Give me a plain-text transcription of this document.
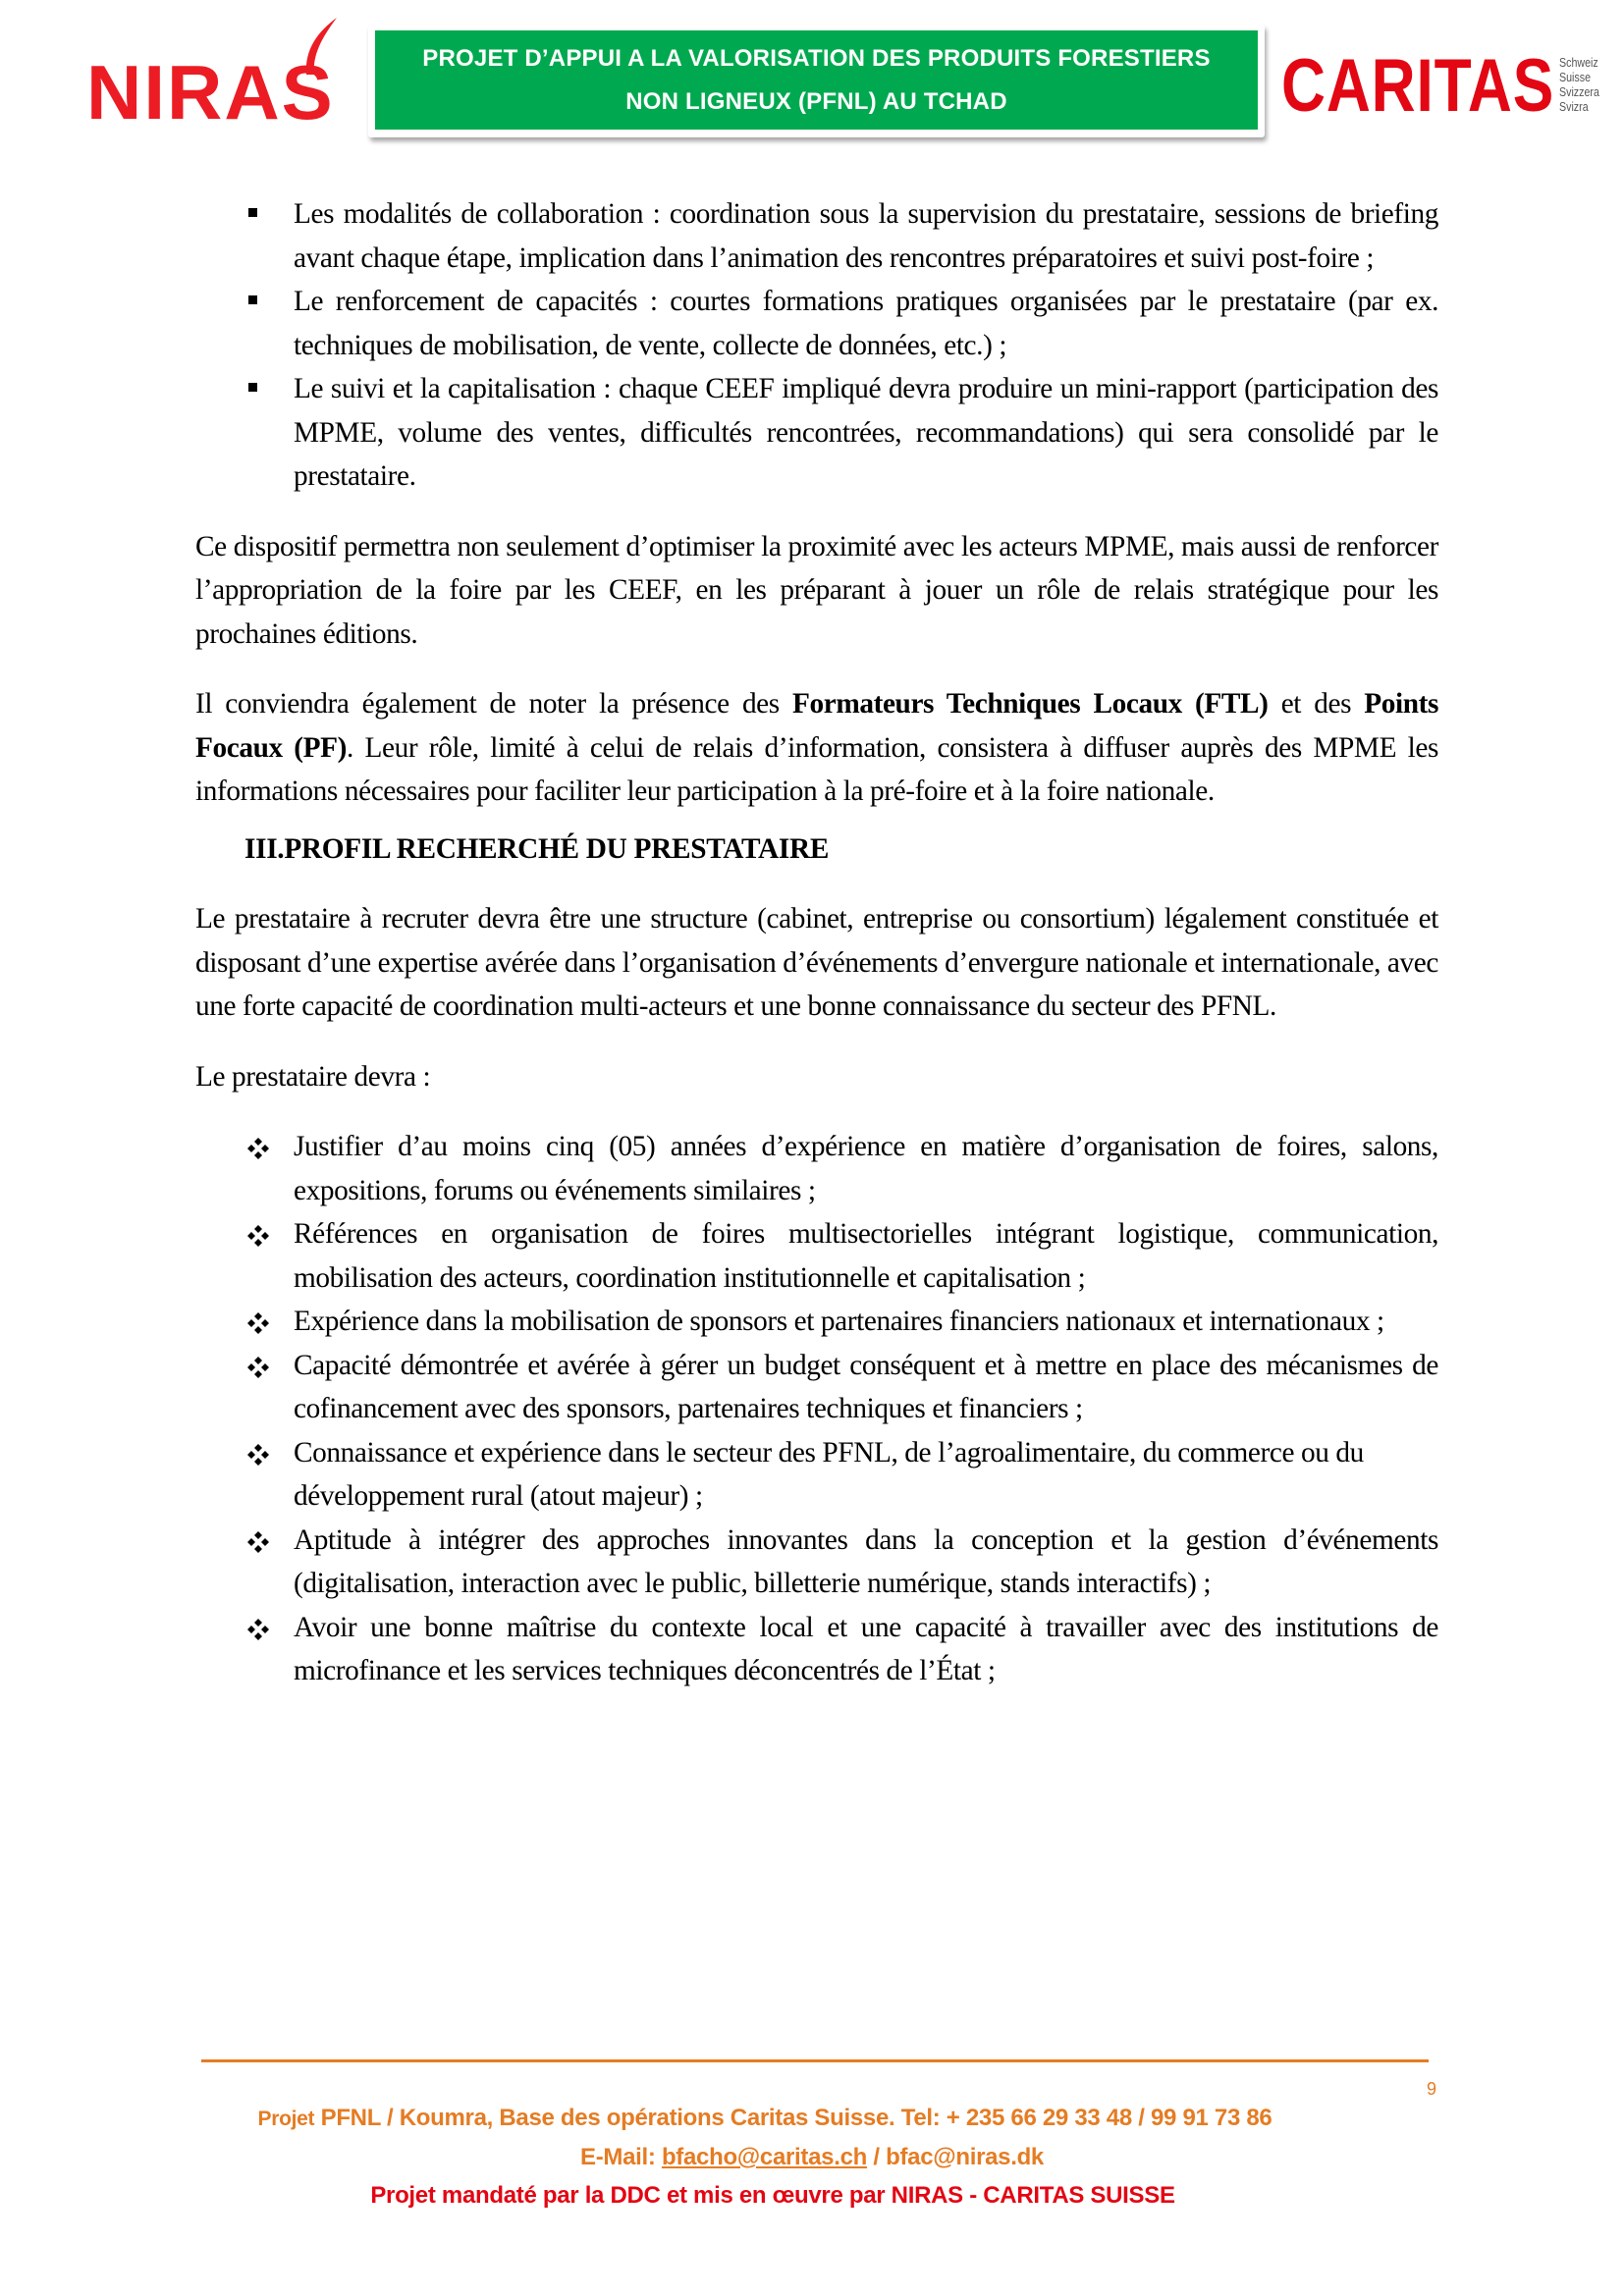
NIRAS	PROJET D’APPUI A LA VALORISATION DES PRODUITS FORESTIERS
NON LIGNEUX (PFNL) AU TCHAD	CARITAS Schweiz
Suisse
Svizzera
Svizra

Les modalités de collaboration : coordination sous la supervision du prestataire, sessions de briefing avant chaque étape, implication dans l’animation des rencontres préparatoires et suivi post-foire ;

Le renforcement de capacités : courtes formations pratiques organisées par le prestataire (par ex. techniques de mobilisation, de vente, collecte de données, etc.) ;

Le suivi et la capitalisation : chaque CEEF impliqué devra produire un mini-rapport (participation des MPME, volume des ventes, difficultés rencontrées, recommandations) qui sera consolidé par le prestataire.

Ce dispositif permettra non seulement d’optimiser la proximité avec les acteurs MPME, mais aussi de renforcer l’appropriation de la foire par les CEEF, en les préparant à jouer un rôle de relais stratégique pour les prochaines éditions.

Il conviendra également de noter la présence des Formateurs Techniques Locaux (FTL) et des Points Focaux (PF). Leur rôle, limité à celui de relais d’information, consistera à diffuser auprès des MPME les informations nécessaires pour faciliter leur participation à la pré-foire et à la foire nationale.

III.PROFIL RECHERCHÉ DU PRESTATAIRE

Le prestataire à recruter devra être une structure (cabinet, entreprise ou consortium) légalement constituée et disposant d’une expertise avérée dans l’organisation d’événements d’envergure nationale et internationale, avec une forte capacité de coordination multi-acteurs et une bonne connaissance du secteur des PFNL.

Le prestataire devra :

Justifier d’au moins cinq (05) années d’expérience en matière d’organisation de foires, salons, expositions, forums ou événements similaires ;

Références en organisation de foires multisectorielles intégrant logistique, communication, mobilisation des acteurs, coordination institutionnelle et capitalisation ;

Expérience dans la mobilisation de sponsors et partenaires financiers nationaux et internationaux ;

Capacité démontrée et avérée à gérer un budget conséquent et à mettre en place des mécanismes de cofinancement avec des sponsors, partenaires techniques et financiers ;

Connaissance et expérience dans le secteur des PFNL, de l’agroalimentaire, du commerce ou du développement rural (atout majeur) ;

Aptitude à intégrer des approches innovantes dans la conception et la gestion d’événements (digitalisation, interaction avec le public, billetterie numérique, stands interactifs) ;

Avoir une bonne maîtrise du contexte local et une capacité à travailler avec des institutions de microfinance et les services techniques déconcentrés de l’État ;

9
Projet PFNL / Koumra, Base des opérations Caritas Suisse. Tel: + 235 66 29 33 48 / 99 91 73 86
E-Mail: bfacho@caritas.ch / bfac@niras.dk
Projet mandaté par la DDC et mis en œuvre par NIRAS - CARITAS SUISSE
